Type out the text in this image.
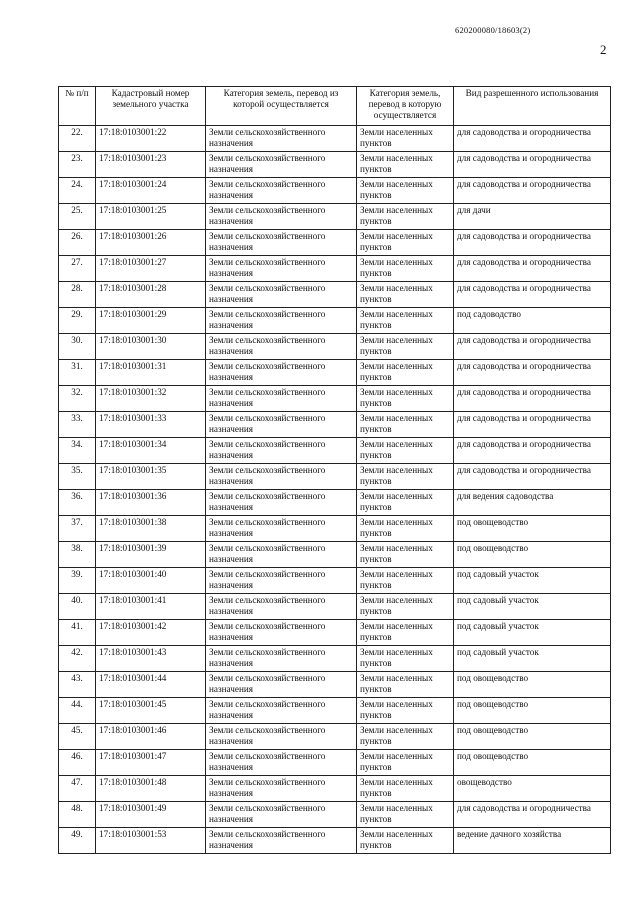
620200080/18603(2)
2
№ п/п	Кадастровый номер земельного участка	Категория земель, перевод из которой осуществляется	Категория земель, перевод в которую осуществляется	Вид разрешенного использования
22.	17:18:0103001:22	Земли сельскохозяйственного назначения	Земли населенных пунктов	для садоводства и огородничества
23.	17:18:0103001:23	Земли сельскохозяйственного назначения	Земли населенных пунктов	для садоводства и огородничества
24.	17:18:0103001:24	Земли сельскохозяйственного назначения	Земли населенных пунктов	для садоводства и огородничества
25.	17:18:0103001:25	Земли сельскохозяйственного назначения	Земли населенных пунктов	для дачи
26.	17:18:0103001:26	Земли сельскохозяйственного назначения	Земли населенных пунктов	для садоводства и огородничества
27.	17:18:0103001:27	Земли сельскохозяйственного назначения	Земли населенных пунктов	для садоводства и огородничества
28.	17:18:0103001:28	Земли сельскохозяйственного назначения	Земли населенных пунктов	для садоводства и огородничества
29.	17:18:0103001:29	Земли сельскохозяйственного назначения	Земли населенных пунктов	под садоводство
30.	17:18:0103001:30	Земли сельскохозяйственного назначения	Земли населенных пунктов	для садоводства и огородничества
31.	17:18:0103001:31	Земли сельскохозяйственного назначения	Земли населенных пунктов	для садоводства и огородничества
32.	17:18:0103001:32	Земли сельскохозяйственного назначения	Земли населенных пунктов	для садоводства и огородничества
33.	17:18:0103001:33	Земли сельскохозяйственного назначения	Земли населенных пунктов	для садоводства и огородничества
34.	17:18:0103001:34	Земли сельскохозяйственного назначения	Земли населенных пунктов	для садоводства и огородничества
35.	17:18:0103001:35	Земли сельскохозяйственного назначения	Земли населенных пунктов	для садоводства и огородничества
36.	17:18:0103001:36	Земли сельскохозяйственного назначения	Земли населенных пунктов	для ведения садоводства
37.	17:18:0103001:38	Земли сельскохозяйственного назначения	Земли населенных пунктов	под овощеводство
38.	17:18:0103001:39	Земли сельскохозяйственного назначения	Земли населенных пунктов	под овощеводство
39.	17:18:0103001:40	Земли сельскохозяйственного назначения	Земли населенных пунктов	под садовый участок
40.	17:18:0103001:41	Земли сельскохозяйственного назначения	Земли населенных пунктов	под садовый участок
41.	17:18:0103001:42	Земли сельскохозяйственного назначения	Земли населенных пунктов	под садовый участок
42.	17:18:0103001:43	Земли сельскохозяйственного назначения	Земли населенных пунктов	под садовый участок
43.	17:18:0103001:44	Земли сельскохозяйственного назначения	Земли населенных пунктов	под овощеводство
44.	17:18:0103001:45	Земли сельскохозяйственного назначения	Земли населенных пунктов	под овощеводство
45.	17:18:0103001:46	Земли сельскохозяйственного назначения	Земли населенных пунктов	под овощеводство
46.	17:18:0103001:47	Земли сельскохозяйственного назначения	Земли населенных пунктов	под овощеводство
47.	17:18:0103001:48	Земли сельскохозяйственного назначения	Земли населенных пунктов	овощеводство
48.	17:18:0103001:49	Земли сельскохозяйственного назначения	Земли населенных пунктов	для садоводства и огородничества
49.	17:18:0103001:53	Земли сельскохозяйственного назначения	Земли населенных пунктов	ведение дачного хозяйства
